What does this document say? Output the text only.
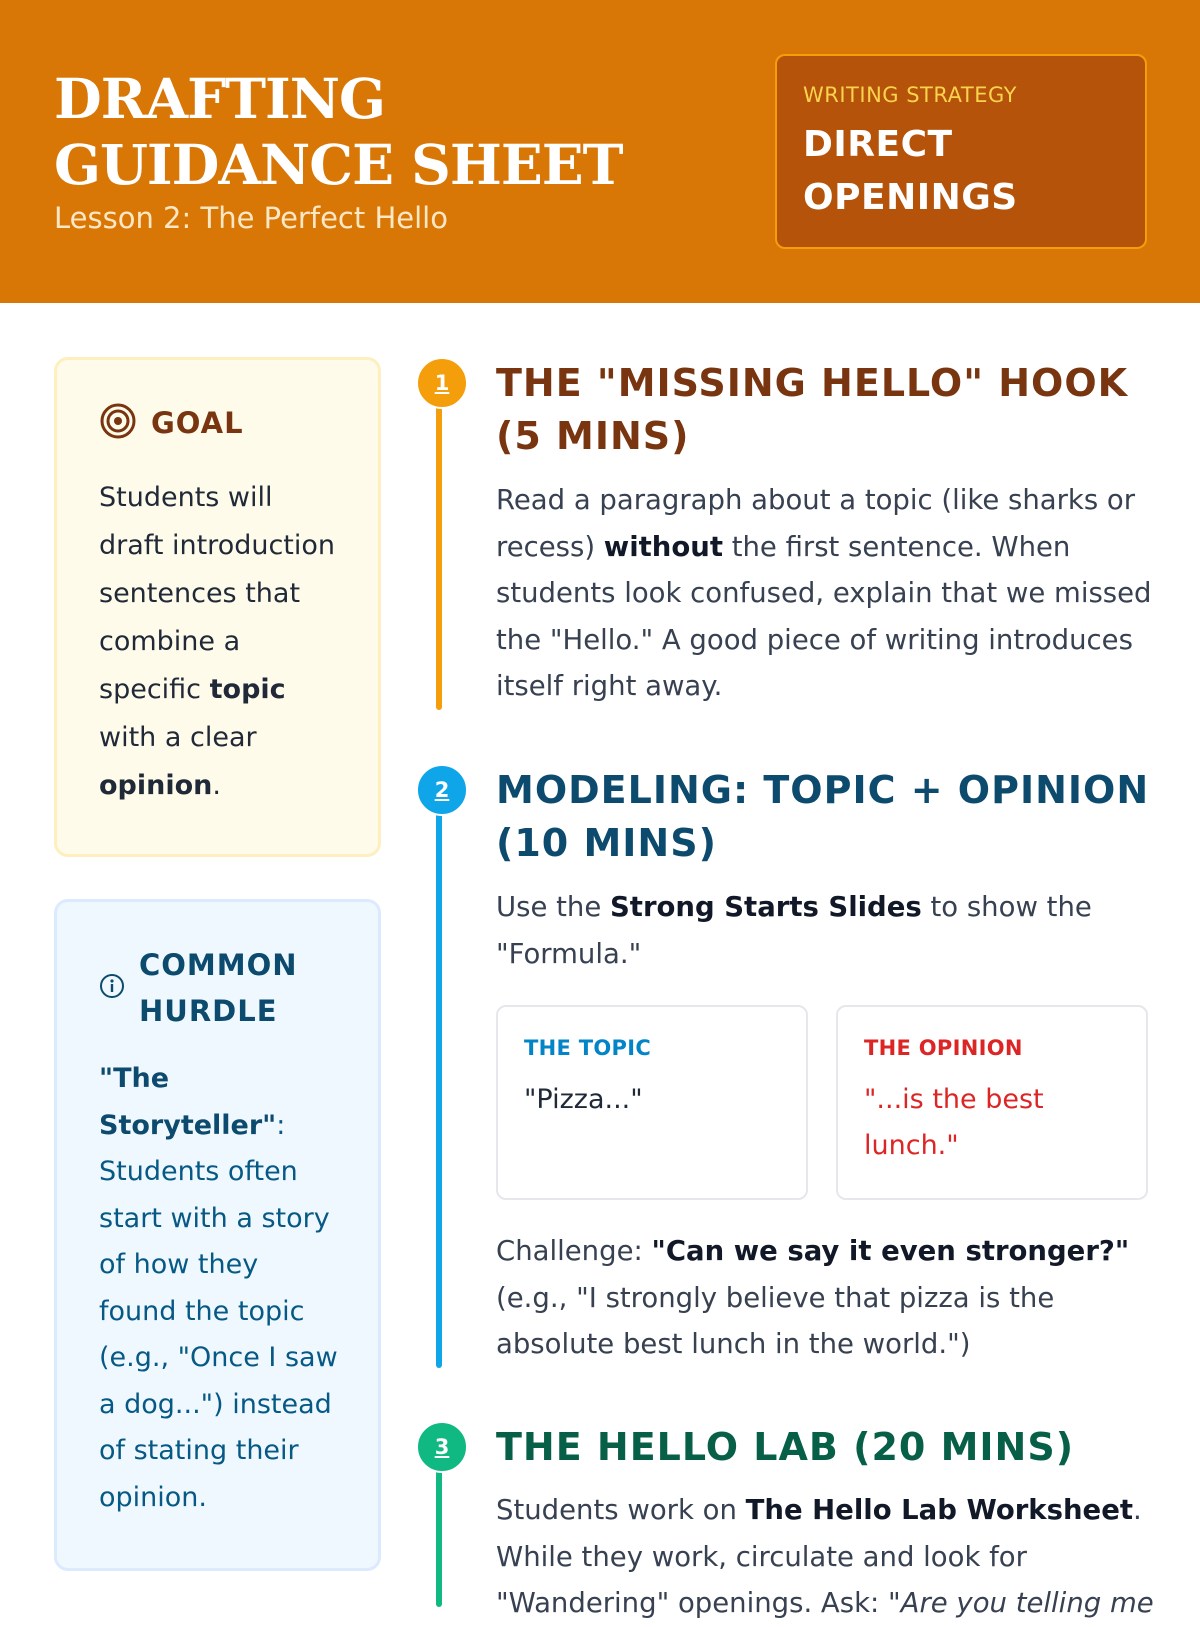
DRAFTING GUIDANCE SHEET
Lesson 2: The Perfect Hello
WRITING STRATEGY
DIRECT OPENINGS
GOAL
Students will draft introduction sentences that combine a specific topic with a clear opinion.
COMMON HURDLE
"The Storyteller": Students often start with a story of how they found the topic (e.g., "Once I saw a dog...") instead of stating their opinion.
1
2
3
THE "MISSING HELLO" HOOK (5 MINS)
Read a paragraph about a topic (like sharks or recess) without the first sentence. When students look confused, explain that we missed the "Hello." A good piece of writing introduces itself right away.
MODELING: TOPIC + OPINION (10 MINS)
Use the Strong Starts Slides to show the "Formula."
THE TOPIC
"Pizza..."
THE OPINION
"...is the best lunch."
Challenge: "Can we say it even stronger?" (e.g., "I strongly believe that pizza is the absolute best lunch in the world.")
THE HELLO LAB (20 MINS)
Students work on The Hello Lab Worksheet. While they work, circulate and look for "Wandering" openings. Ask: "Are you telling me
